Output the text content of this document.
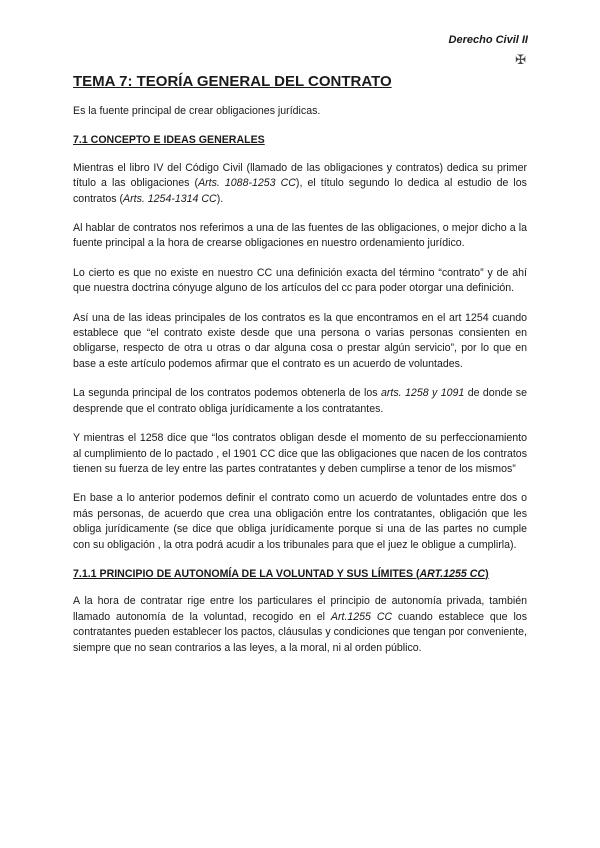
Derecho Civil II
✠
TEMA 7: TEORÍA GENERAL DEL CONTRATO

Es la fuente principal de crear obligaciones jurídicas.

7.1 CONCEPTO E IDEAS GENERALES

Mientras el libro IV del Código Civil (llamado de las obligaciones y contratos) dedica su primer título a las obligaciones (Arts. 1088-1253 CC), el título segundo lo dedica al estudio de los contratos (Arts. 1254-1314 CC).

Al hablar de contratos nos referimos a una de las fuentes de las obligaciones, o mejor dicho a la fuente principal a la hora de crearse obligaciones en nuestro ordenamiento jurídico.

Lo cierto es que no existe en nuestro CC una definición exacta del término “contrato” y de ahí que nuestra doctrina cónyuge alguno de los artículos del cc para poder otorgar una definición.

Así una de las ideas principales de los contratos es la que encontramos en el art 1254 cuando establece que “el contrato existe desde que una persona o varias personas consienten en obligarse, respecto de otra u otras o dar alguna cosa o prestar algún servicio”, por lo que en base a este artículo podemos afirmar que el contrato es un acuerdo de voluntades.

La segunda principal de los contratos podemos obtenerla de los arts. 1258 y 1091 de donde se desprende que el contrato obliga jurídicamente a los contratantes.

Y mientras el 1258 dice que “los contratos obligan desde el momento de su perfeccionamiento al cumplimiento de lo pactado , el 1901 CC dice que las obligaciones que nacen de los contratos tienen su fuerza de ley entre las partes contratantes y deben cumplirse a tenor de los mismos”

En base a lo anterior podemos definir el contrato como un acuerdo de voluntades entre dos o más personas, de acuerdo que crea una obligación entre los contratantes, obligación que les obliga jurídicamente (se dice que obliga jurídicamente porque si una de las partes no cumple con su obligación , la otra podrá acudir a los tribunales para que el juez le obligue a cumplirla).

7.1.1 PRINCIPIO DE AUTONOMÍA DE LA VOLUNTAD Y SUS LÍMITES (ART.1255 CC)

A la hora de contratar rige entre los particulares el principio de autonomía privada, también llamado autonomía de la voluntad, recogido en el Art.1255 CC cuando establece que los contratantes pueden establecer los pactos, cláusulas y condiciones que tengan por conveniente, siempre que no sean contrarios a las leyes, a la moral, ni al orden público.
